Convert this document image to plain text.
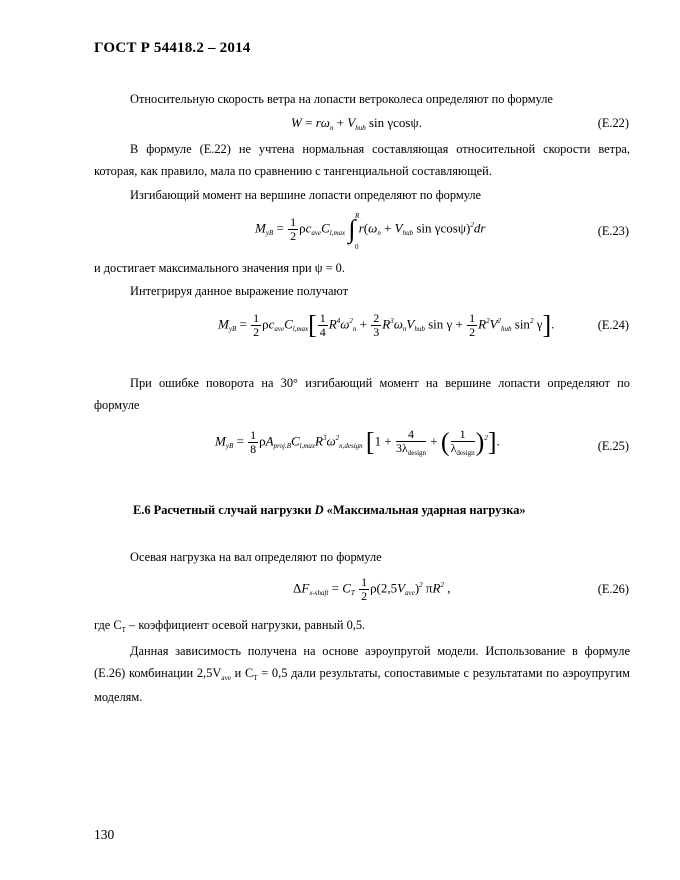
ГОСТ Р 54418.2 – 2014
Относительную скорость ветра на лопасти ветроколеса определяют по формуле
$W = r\omega_n + V_{hub}$ sin γcosψ.	(Е.22)
В формуле (Е.22) не учтена нормальная составляющая относительной скорости ветра, которая, как правило, мала по сравнению с тангенциальной составляющей.
Изгибающий момент на вершине лопасти определяют по формуле
$M_{yB} = \frac{1}{2} \rho c_{ave}C_{l,max}$ ∫ $r(\omega_n + V_{hub}$ sin γcosψ)$^2$dr
R
0
(Е.23)
и достигает максимального значения при ψ = 0.
Интегрируя данное выражение получают
$M_{yB} = \frac{1}{2} \rho c_{ave}C_{l,max}[ \frac{1}{4} R^4\omega^2_n + \frac{2}{3} R^3\omega_nV_{hub}$ $\sin \gamma + \frac{1}{2} R^2V^2_{hub}$ $\sin^2 \gamma$].	(Е.24)
При ошибке поворота на 30° изгибающий момент на вершине лопасти определяют по формуле
$M_{yB} = \frac{1}{8} \rho A_{proj.B}C_{l,max}R^3\omega^2_{n,design}$ [$1 + \frac{4}{3\lambda_{design}}$ + ( $\frac{1}{\lambda_{design}} )^2$].	(Е.25)
Е.6 Расчетный случай нагрузки D «Максимальная ударная нагрузка»
Осевая нагрузка на вал определяют по формуле
$\Delta F_{x-shaft} = C_T \frac{1}{2} \rho(2,5V_{ave})^2$ $\pi R^2$ ,	(Е.26)
где $C_T$ – коэффициент осевой нагрузки, равный 0,5.
Данная зависимость получена на основе аэроупругой модели. Использование в формуле (Е.26) комбинации $2,5V_{ave}$ и $C_T = 0,5$ дали результаты, сопоставимые с результатами по аэроупругим моделям.
130
